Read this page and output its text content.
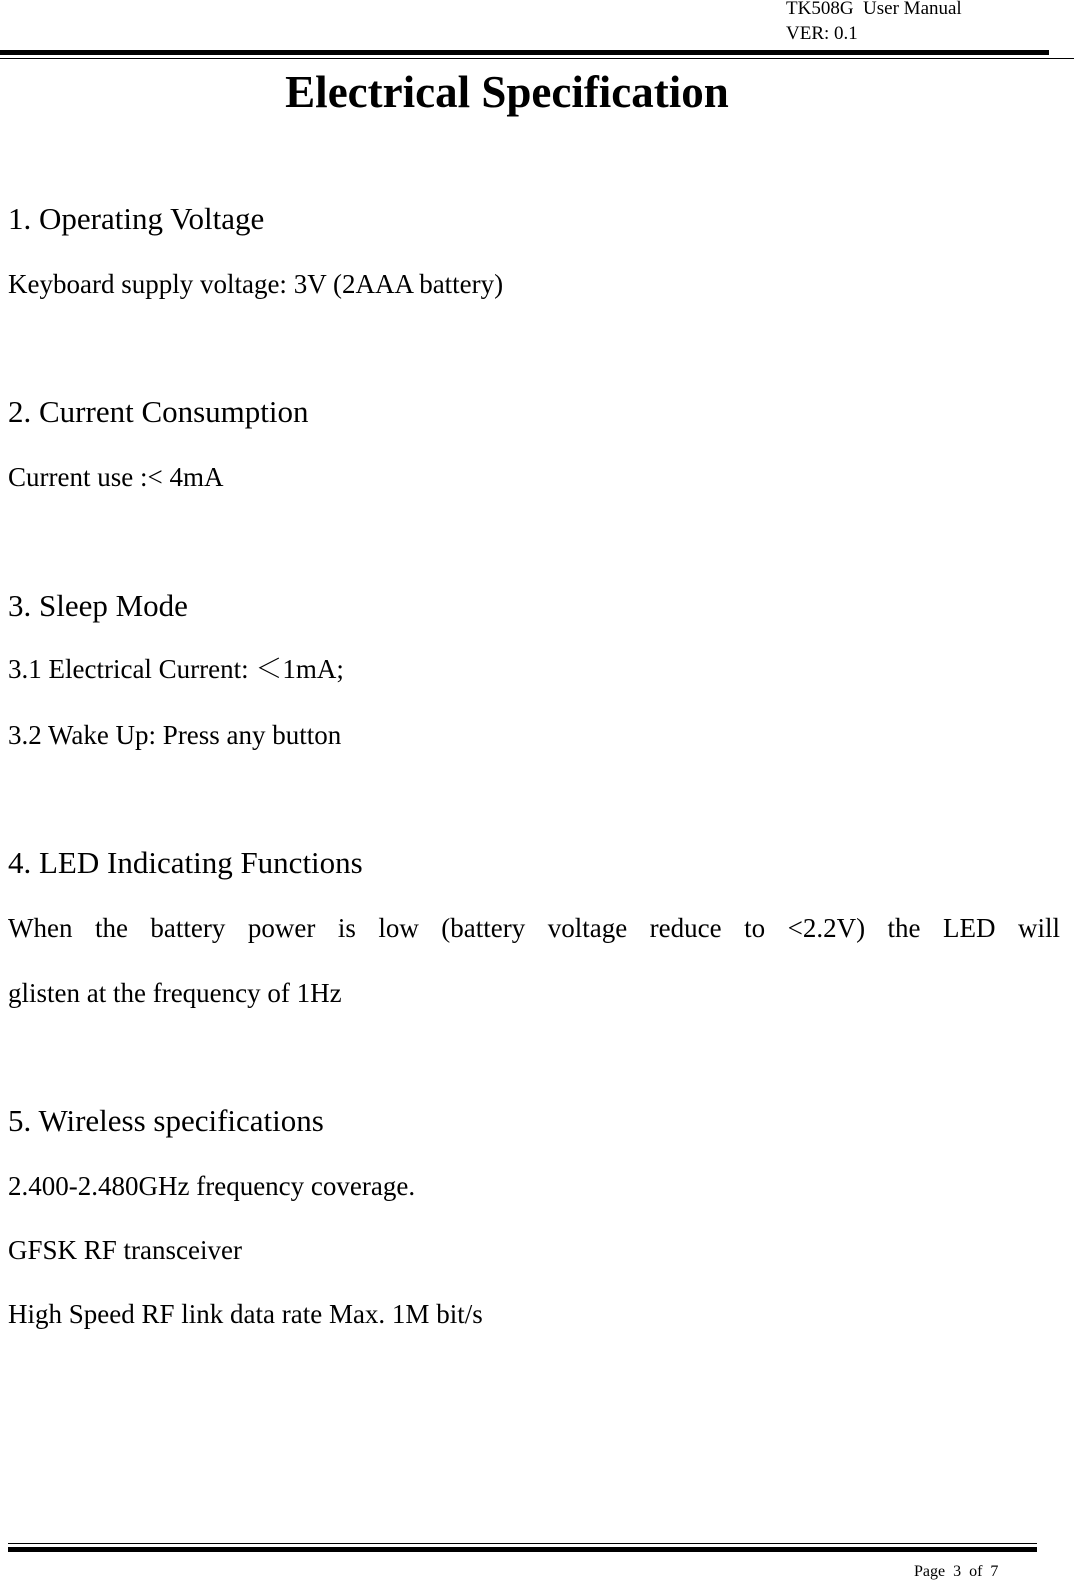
TK508G  User Manual
VER: 0.1
Electrical Specification
1. Operating Voltage
Keyboard supply voltage: 3V (2AAA battery)
2. Current Consumption
Current use :< 4mA
3. Sleep Mode
3.1 Electrical Current: ＜1mA;
3.2 Wake Up: Press any button
4. LED Indicating Functions
When the battery power is low (battery voltage reduce to <2.2V) the LED will
glisten at the frequency of 1Hz
5. Wireless specifications
2.400-2.480GHz frequency coverage.
GFSK RF transceiver
High Speed RF link data rate Max. 1M bit/s
Page  3  of  7
